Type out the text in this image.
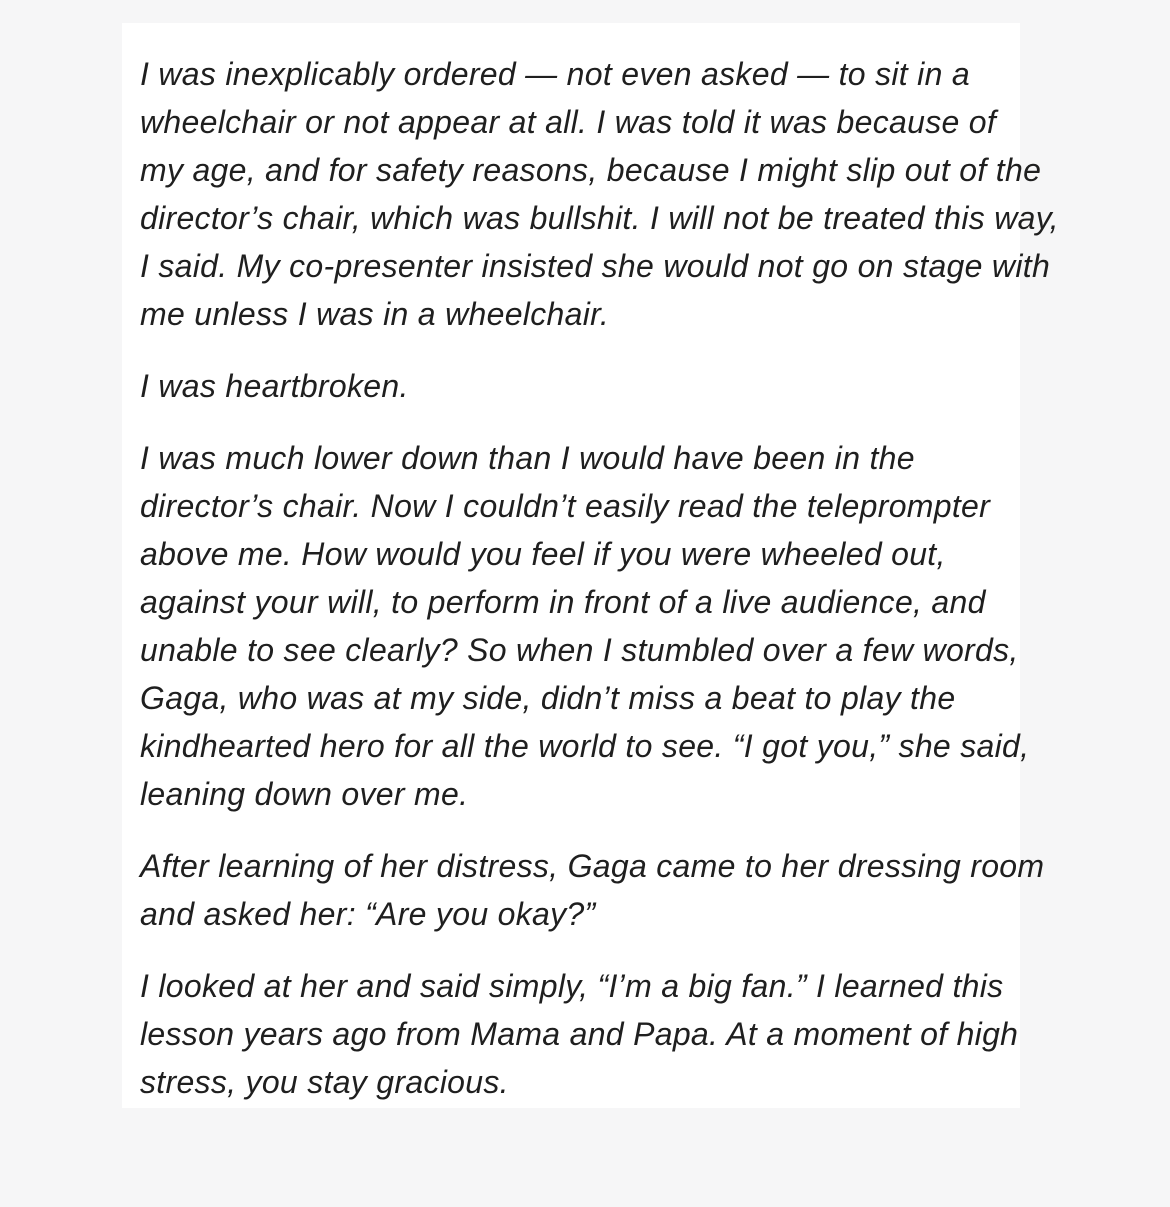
I was inexplicably ordered — not even asked — to sit in a
wheelchair or not appear at all. I was told it was because of
my age, and for safety reasons, because I might slip out of the
director’s chair, which was bullshit. I will not be treated this way,
I said. My co-presenter insisted she would not go on stage with
me unless I was in a wheelchair.

I was heartbroken.

I was much lower down than I would have been in the
director’s chair. Now I couldn’t easily read the teleprompter
above me. How would you feel if you were wheeled out,
against your will, to perform in front of a live audience, and
unable to see clearly? So when I stumbled over a few words,
Gaga, who was at my side, didn’t miss a beat to play the
kindhearted hero for all the world to see. “I got you,” she said,
leaning down over me.

After learning of her distress, Gaga came to her dressing room
and asked her: “Are you okay?”

I looked at her and said simply, “I’m a big fan.” I learned this
lesson years ago from Mama and Papa. At a moment of high
stress, you stay gracious.
